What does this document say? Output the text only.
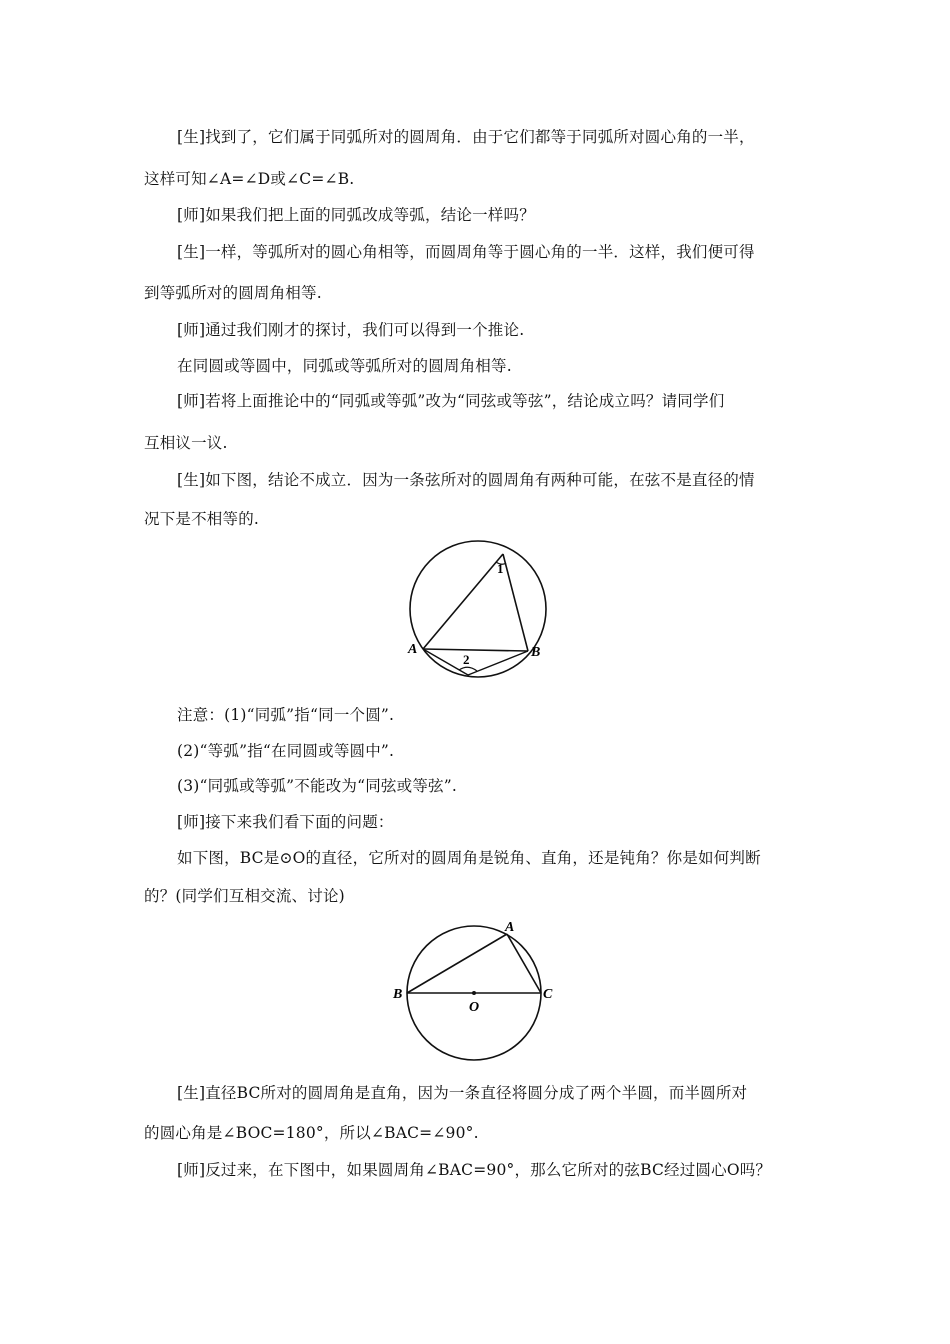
[生]找到了，它们属于同弧所对的圆周角．由于它们都等于同弧所对圆心角的一半，
这样可知∠A=∠D或∠C=∠B.
[师]如果我们把上面的同弧改成等弧，结论一样吗？
[生]一样，等弧所对的圆心角相等，而圆周角等于圆心角的一半．这样，我们便可得
到等弧所对的圆周角相等.
[师]通过我们刚才的探讨，我们可以得到一个推论.
在同圆或等圆中，同弧或等弧所对的圆周角相等.
[师]若将上面推论中的“同弧或等弧”改为“同弦或等弦”，结论成立吗？请同学们
互相议一议.
[生]如下图，结论不成立．因为一条弦所对的圆周角有两种可能，在弦不是直径的情
况下是不相等的.
1
2
A	B
注意：(1)“同弧”指“同一个圆”.
(2)“等弧”指“在同圆或等圆中”.
(3)“同弧或等弧”不能改为“同弦或等弦”.
[师]接下来我们看下面的问题：
如下图，BC是⊙O的直径，它所对的圆周角是锐角、直角，还是钝角？你是如何判断
的？(同学们互相交流、讨论)
A
B	C
O
[生]直径BC所对的圆周角是直角，因为一条直径将圆分成了两个半圆，而半圆所对
的圆心角是∠BOC=180°，所以∠BAC=∠90°.
[师]反过来，在下图中，如果圆周角∠BAC=90°，那么它所对的弦BC经过圆心O吗？
